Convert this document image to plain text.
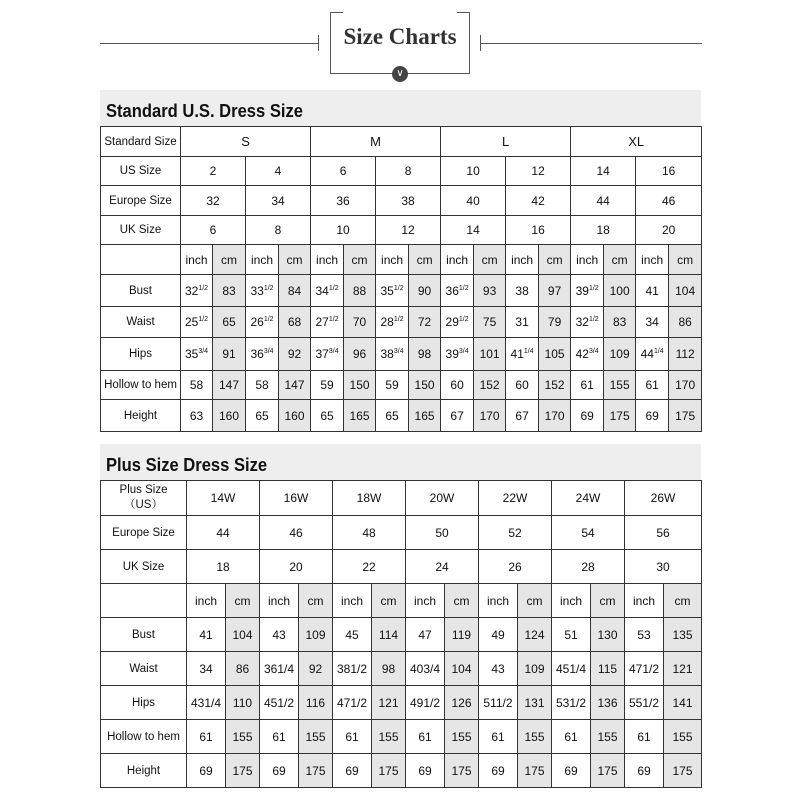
Size Charts
∨
Standard U.S. Dress Size
Standard Size	S				M				L				XL			
US Size	2		4		6		8		10		12		14		16	
Europe Size	32		34		36		38		40		42		44		46	
UK Size	6		8		10		12		14		16		18		20	
	inch	cm	inch	cm	inch	cm	inch	cm	inch	cm	inch	cm	inch	cm	inch	cm
Bust	$32^{1/2}$	83	$33^{1/2}$	84	$34^{1/2}$	88	$35^{1/2}$	90	$36^{1/2}$	93	38	97	$39^{1/2}$	100	41	104
Waist	$25^{1/2}$	65	$26^{1/2}$	68	$27^{1/2}$	70	$28^{1/2}$	72	$29^{1/2}$	75	31	79	$32^{1/2}$	83	34	86
Hips	$35^{3/4}$	91	$36^{3/4}$	92	$37^{3/4}$	96	$38^{3/4}$	98	$39^{3/4}$	101	$41^{1/4}$	105	$42^{3/4}$	109	$44^{1/4}$	112
Hollow to hem	58	147	58	147	59	150	59	150	60	152	60	152	61	155	61	170
Height	63	160	65	160	65	165	65	165	67	170	67	170	69	175	69	175
Plus Size Dress Size
Plus Size
（US）	14W		16W		18W		20W		22W		24W		26W	
Europe Size	44		46		48		50		52		54		56	
UK Size	18		20		22		24		26		28		30	
	inch	cm	inch	cm	inch	cm	inch	cm	inch	cm	inch	cm	inch	cm
Bust	41	104	43	109	45	114	47	119	49	124	51	130	53	135
Waist	34	86	361/4	92	381/2	98	403/4	104	43	109	451/4	115	471/2	121
Hips	431/4	110	451/2	116	471/2	121	491/2	126	511/2	131	531/2	136	551/2	141
Hollow to hem	61	155	61	155	61	155	61	155	61	155	61	155	61	155
Height	69	175	69	175	69	175	69	175	69	175	69	175	69	175
